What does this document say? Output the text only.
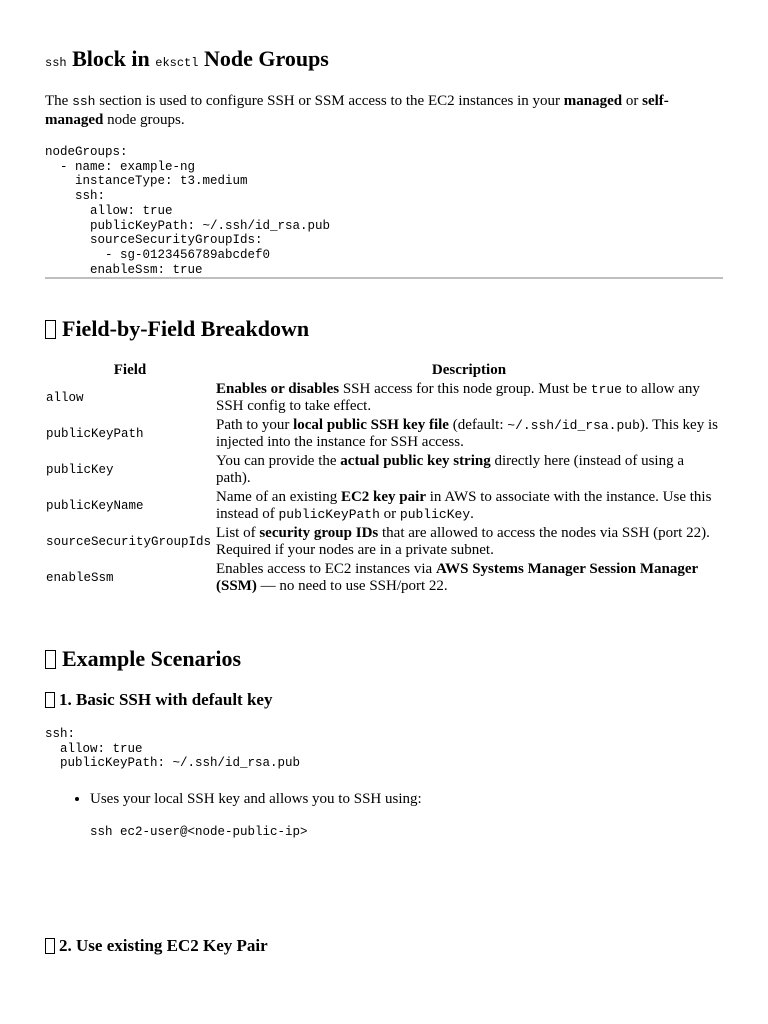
ssh Block in eksctl Node Groups

The ssh section is used to configure SSH or SSM access to the EC2 instances in your managed or self-managed node groups.

nodeGroups:
- name: example-ng
instanceType: t3.medium
ssh:
allow: true
publicKeyPath: ~/.ssh/id_rsa.pub
sourceSecurityGroupIds:
- sg-0123456789abcdef0
enableSsm: true
Field-by-Field Breakdown
Field	Description
allow	Enables or disables SSH access for this node group. Must be true to allow any SSH config to take effect.
publicKeyPath	Path to your local public SSH key file (default: ~/.ssh/id_rsa.pub). This key is injected into the instance for SSH access.
publicKey	You can provide the actual public key string directly here (instead of using a path).
publicKeyName	Name of an existing EC2 key pair in AWS to associate with the instance. Use this instead of publicKeyPath or publicKey.
sourceSecurityGroupIds	List of security group IDs that are allowed to access the nodes via SSH (port 22). Required if your nodes are in a private subnet.
enableSsm	Enables access to EC2 instances via AWS Systems Manager Session Manager (SSM) — no need to use SSH/port 22.
Example Scenarios
1. Basic SSH with default key
ssh:
allow: true
publicKeyPath: ~/.ssh/id_rsa.pub
• Uses your local SSH key and allows you to SSH using:
ssh ec2-user@<node-public-ip>
2. Use existing EC2 Key Pair
